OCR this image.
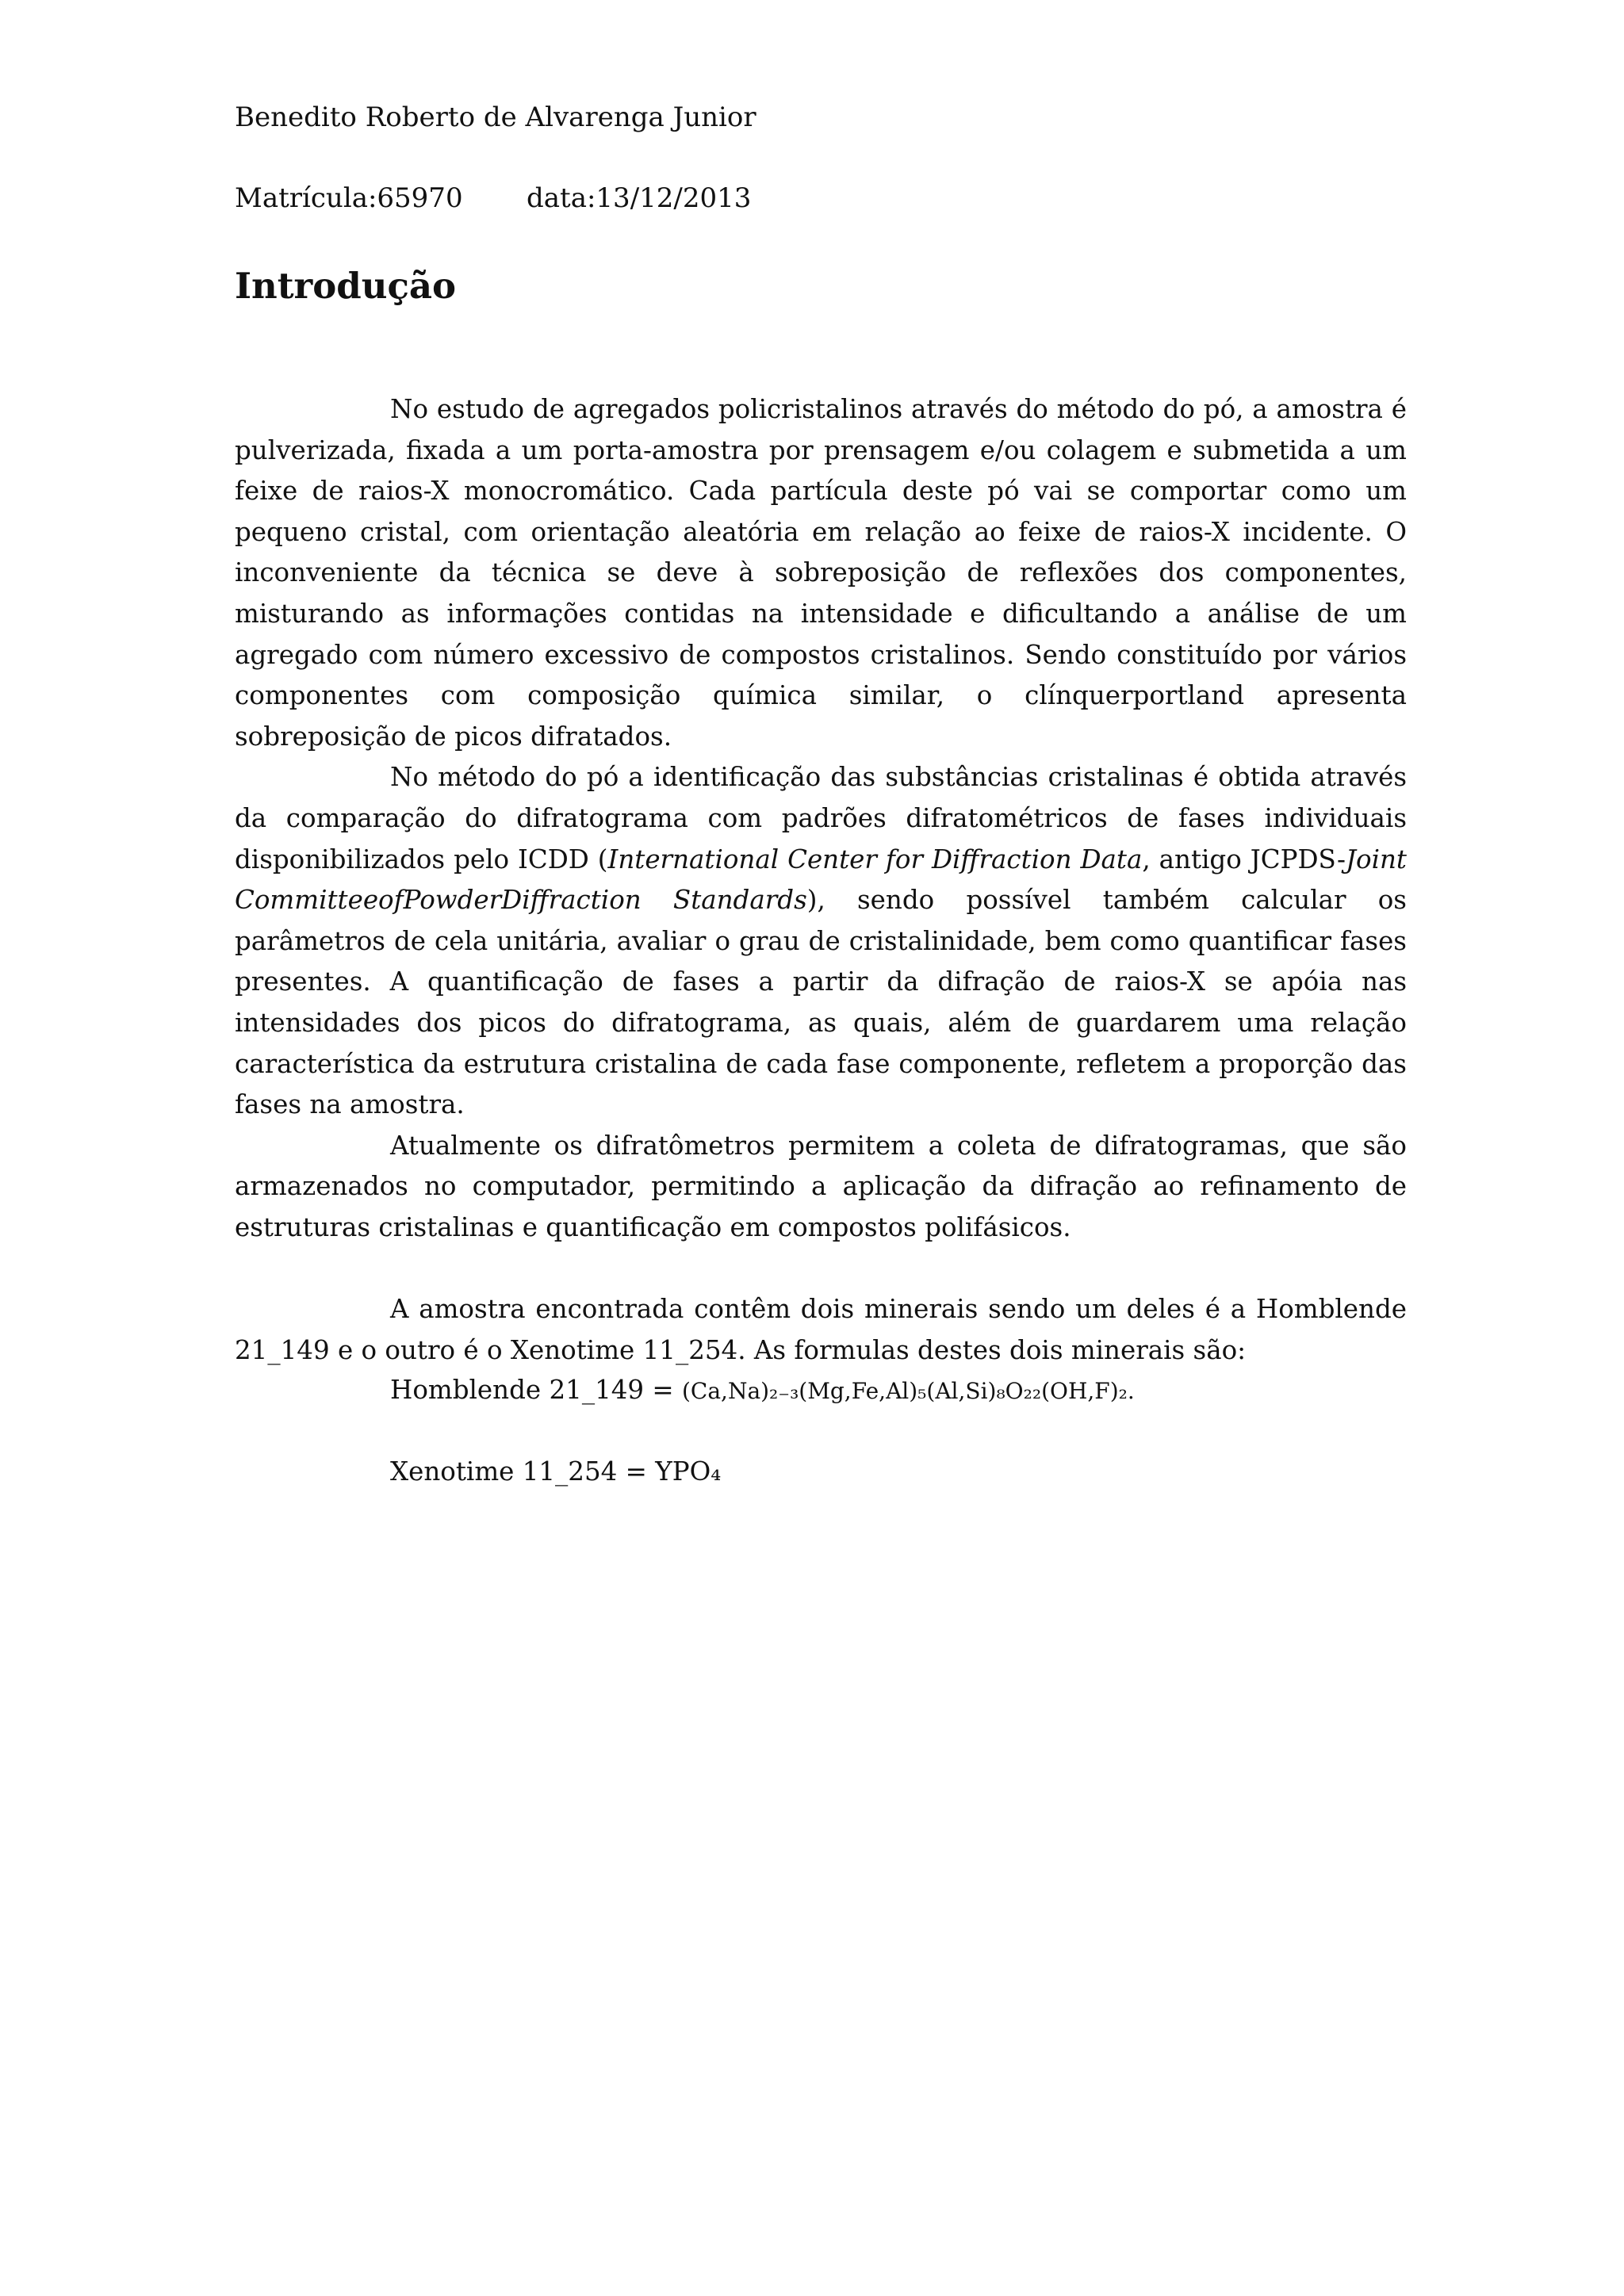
Benedito Roberto de Alvarenga Junior
Matrícula:65970 data:13/12/2013
Introdução

No estudo de agregados policristalinos através do método do pó, a amostra é pulverizada, fixada a um porta-amostra por prensagem e/ou colagem e submetida a um feixe de raios-X monocromático. Cada partícula deste pó vai se comportar como um pequeno cristal, com orientação aleatória em relação ao feixe de raios-X incidente. O inconveniente da técnica se deve à sobreposição de reflexões dos componentes, misturando as informações contidas na intensidade e dificultando a análise de um agregado com número excessivo de compostos cristalinos. Sendo constituído por vários componentes com composição química similar, o clínquerportland apresenta sobreposição de picos difratados.

No método do pó a identificação das substâncias cristalinas é obtida através da comparação do difratograma com padrões difratométricos de fases individuais disponibilizados pelo ICDD (International Center for Diffraction Data, antigo JCPDS-Joint CommitteeofPowderDiffraction Standards), sendo possível também calcular os parâmetros de cela unitária, avaliar o grau de cristalinidade, bem como quantificar fases presentes. A quantificação de fases a partir da difração de raios-X se apóia nas intensidades dos picos do difratograma, as quais, além de guardarem uma relação característica da estrutura cristalina de cada fase componente, refletem a proporção das fases na amostra.

Atualmente os difratômetros permitem a coleta de difratogramas, que são armazenados no computador, permitindo a aplicação da difração ao refinamento de estruturas cristalinas e quantificação em compostos polifásicos.

A amostra encontrada contêm dois minerais sendo um deles é a Homblende 21_149 e o outro é o Xenotime 11_254. As formulas destes dois minerais são:

Homblende 21_149 = (Ca,Na)₂₋₃(Mg,Fe,Al)₅(Al,Si)₈O₂₂(OH,F)₂.
Xenotime 11_254 = YPO₄
